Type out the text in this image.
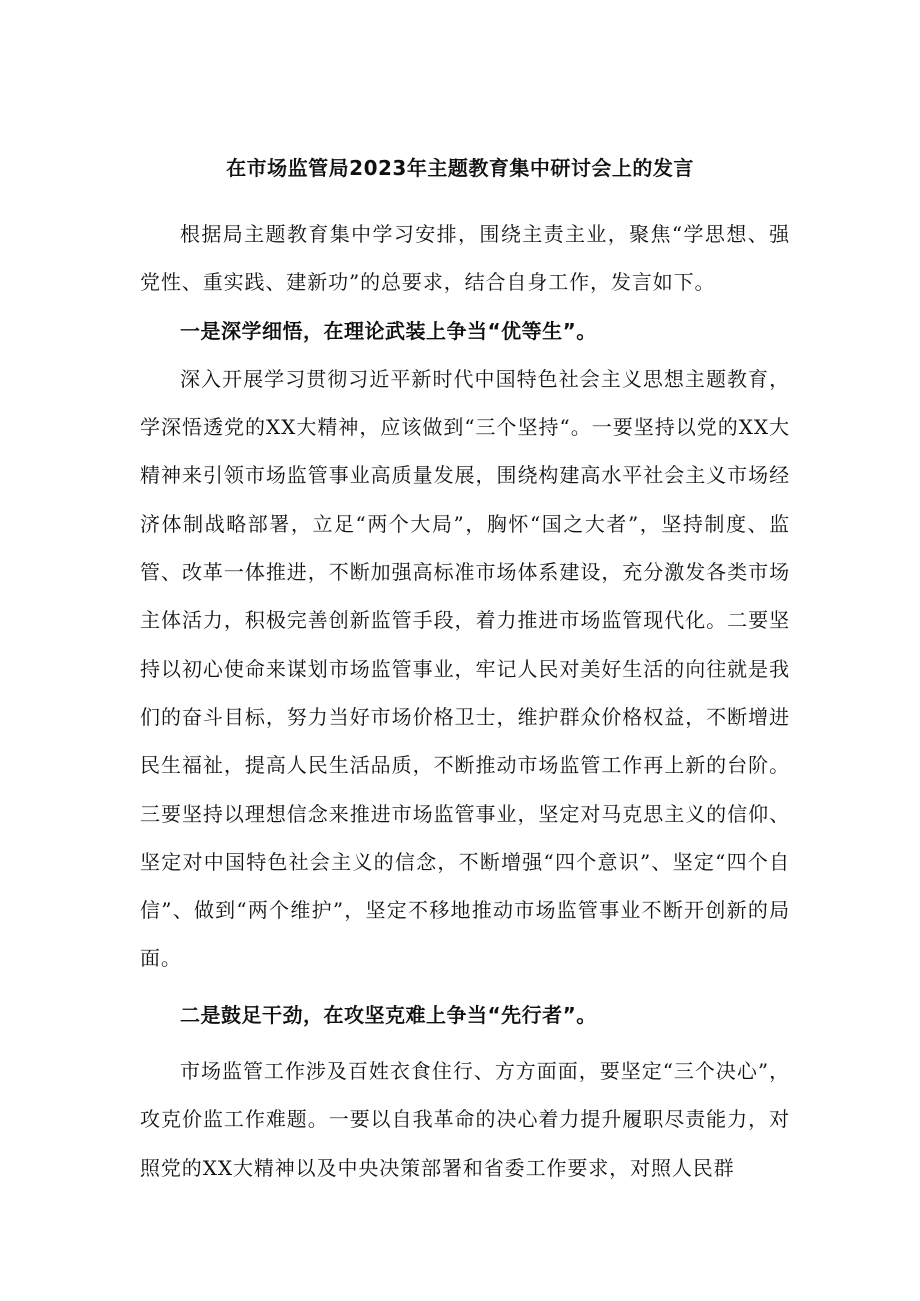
在市场监管局2023年主题教育集中研讨会上的发言

根据局主题教育集中学习安排，围绕主责主业，聚焦“学思想、强党性、重实践、建新功”的总要求，结合自身工作，发言如下。

一是深学细悟，在理论武装上争当“优等生”。

深入开展学习贯彻习近平新时代中国特色社会主义思想主题教育，学深悟透党的XX大精神，应该做到“三个坚持“。一要坚持以党的XX大精神来引领市场监管事业高质量发展，围绕构建高水平社会主义市场经济体制战略部署，立足“两个大局”，胸怀“国之大者”，坚持制度、监管、改革一体推进，不断加强高标准市场体系建设，充分激发各类市场主体活力，积极完善创新监管手段，着力推进市场监管现代化。二要坚持以初心使命来谋划市场监管事业，牢记人民对美好生活的向往就是我们的奋斗目标，努力当好市场价格卫士，维护群众价格权益，不断增进民生福祉，提高人民生活品质，不断推动市场监管工作再上新的台阶。三要坚持以理想信念来推进市场监管事业，坚定对马克思主义的信仰、坚定对中国特色社会主义的信念，不断增强“四个意识”、坚定“四个自信”、做到“两个维护”，坚定不移地推动市场监管事业不断开创新的局面。

二是鼓足干劲，在攻坚克难上争当“先行者”。

市场监管工作涉及百姓衣食住行、方方面面，要坚定“三个决心”，攻克价监工作难题。一要以自我革命的决心着力提升履职尽责能力，对照党的XX大精神以及中央决策部署和省委工作要求，对照人民群
